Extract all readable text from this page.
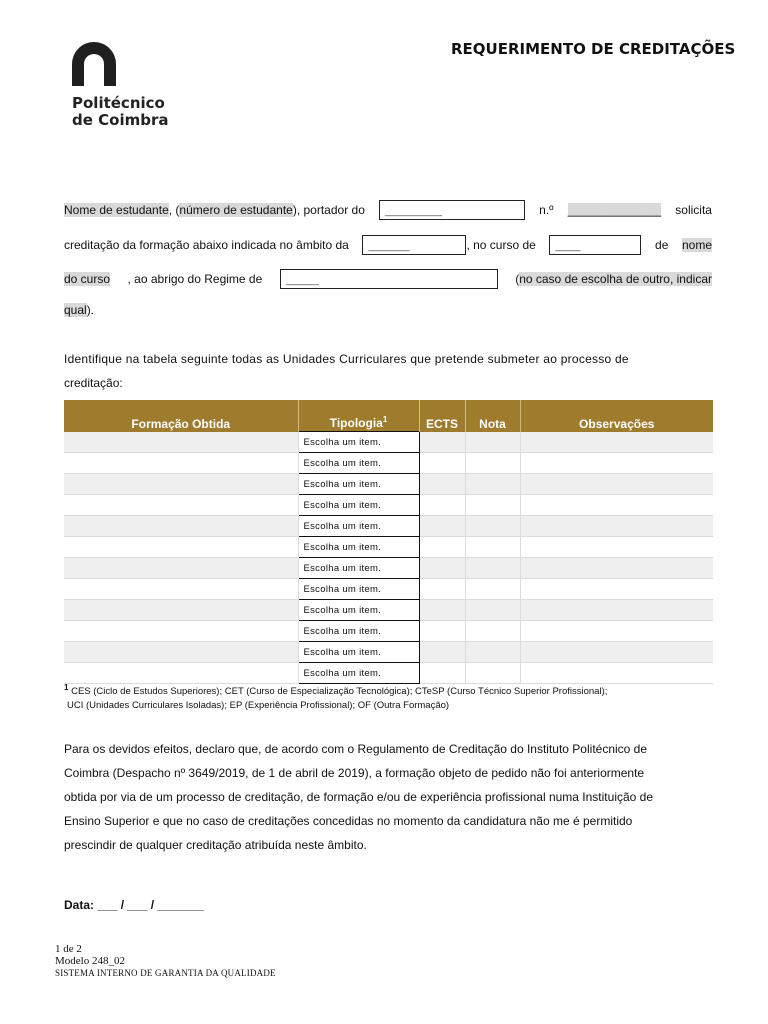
Politécnico
de Coimbra
REQUERIMENTO DE CREDITAÇÕES
Nome de estudante, (número de estudante), portador do ______________	n.º ______________ solicita
creditação da formação abaixo indicada no âmbito da __________	, no curso de ______	de nome
do curso , ao abrigo do Regime de	________	(no caso de escolha de outro, indicar
qual ).
Identifique na tabela seguinte todas as Unidades Curriculares que pretende submeter ao processo de
creditação:
Formação Obtida	Tipologia$^1$	ECTS	Nota	Observações
	Escolha um item.			
	Escolha um item.			
	Escolha um item.			
	Escolha um item.			
	Escolha um item.			
	Escolha um item.			
	Escolha um item.			
	Escolha um item.			
	Escolha um item.			
	Escolha um item.			
	Escolha um item.			
	Escolha um item.			
$^1$ CES (Ciclo de Estudos Superiores); CET (Curso de Especialização Tecnológica); CTeSP (Curso Técnico Superior Profissional);
UCI (Unidades Curriculares Isoladas); EP (Experiência Profissional); OF (Outra Formação)
Para os devidos efeitos, declaro que, de acordo com o Regulamento de Creditação do Instituto Politécnico de
Coimbra (Despacho nº 3649/2019, de 1 de abril de 2019), a formação objeto de pedido não foi anteriormente
obtida por via de um processo de creditação, de formação e/ou de experiência profissional numa Instituição de
Ensino Superior e que no caso de creditações concedidas no momento da candidatura não me é permitido
prescindir de qualquer creditação atribuída neste âmbito.
Data: ___ / ___ / _______
1 de 2
Modelo 248_02
SISTEMA INTERNO DE GARANTIA DA QUALIDADE
